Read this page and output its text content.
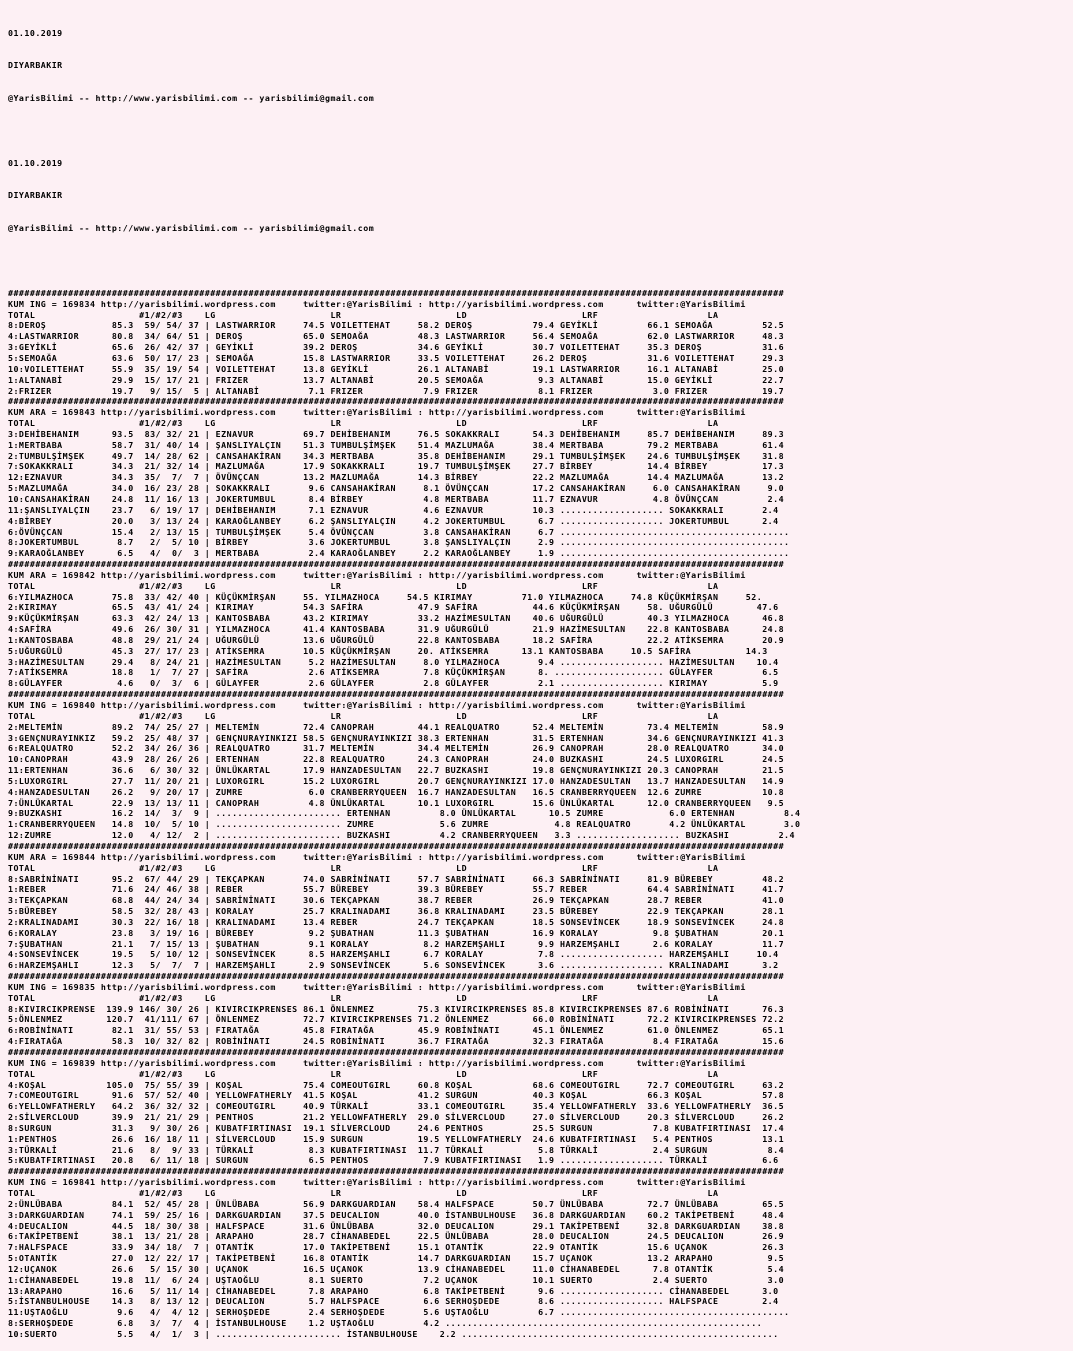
01.10.2019

DIYARBAKIR

@YarisBilimi -- http://www.yarisbilimi.com -- yarisbilimi@gmail.com

01.10.2019

DIYARBAKIR

@YarisBilimi -- http://www.yarisbilimi.com -- yarisbilimi@gmail.com

##############################################################################################################################################
KUM ING = 169834 http://yarisbilimi.wordpress.com     twitter:@YarisBilimi : http://yarisbilimi.wordpress.com      twitter:@YarisBilimi
TOTAL                   #1/#2/#3    LG                     LR                     LD                     LRF                    LA
8:DEROŞ            85.3  59/ 54/ 37 | LASTWARRIOR     74.5 VOILETTEHAT     58.2 DEROŞ           79.4 GEYİKLİ         66.1 SEMOAĞA         52.5
4:LASTWARRIOR      80.8  34/ 64/ 51 | DEROŞ           65.0 SEMOAĞA         48.3 LASTWARRIOR     56.4 SEMOAĞA         62.0 LASTWARRIOR     48.3
3:GEYİKLİ          65.6  26/ 42/ 37 | GEYİKLİ         39.2 DEROŞ           34.6 GEYİKLİ         30.7 VOILETTEHAT     35.3 DEROŞ           31.6
5:SEMOAĞA          63.6  50/ 17/ 23 | SEMOAĞA         15.8 LASTWARRIOR     33.5 VOILETTEHAT     26.2 DEROŞ           31.6 VOILETTEHAT     29.3
10:VOILETTEHAT     55.9  35/ 19/ 54 | VOILETTEHAT     13.8 GEYİKLİ         26.1 ALTANABİ        19.1 LASTWARRIOR     16.1 ALTANABİ        25.0
1:ALTANABİ         29.9  15/ 17/ 21 | FRIZER          13.7 ALTANABİ        20.5 SEMOAĞA          9.3 ALTANABİ        15.0 GEYİKLİ         22.7
2:FRIZER           19.7   9/ 15/  5 | ALTANABİ         7.1 FRIZER           7.9 FRIZER           8.1 FRIZER           3.0 FRIZER          19.7
##############################################################################################################################################
KUM ARA = 169843 http://yarisbilimi.wordpress.com     twitter:@YarisBilimi : http://yarisbilimi.wordpress.com      twitter:@YarisBilimi
TOTAL                   #1/#2/#3    LG                     LR                     LD                     LRF                    LA
3:DEHİBEHANIM      93.5  83/ 32/ 21 | EZNAVUR         69.7 DEHİBEHANIM     76.5 SOKAKKRALI      54.3 DEHİBEHANIM     85.7 DEHİBEHANIM     89.3
1:MERTBABA         58.7  31/ 40/ 14 | ŞANSLIYALÇIN    51.3 TUMBULŞİMŞEK    51.4 MAZLUMAĞA       38.4 MERTBABA        79.2 MERTBABA        61.4
2:TUMBULŞİMŞEK     49.7  14/ 28/ 62 | CANSAHAKİRAN    34.3 MERTBABA        35.8 DEHİBEHANIM     29.1 TUMBULŞİMŞEK    24.6 TUMBULŞİMŞEK    31.8
7:SOKAKKRALI       34.3  21/ 32/ 14 | MAZLUMAĞA       17.9 SOKAKKRALI      19.7 TUMBULŞİMŞEK    27.7 BİRBEY          14.4 BİRBEY          17.3
12:EZNAVUR         34.3  35/  7/  7 | ÖVÜNÇCAN        13.2 MAZLUMAĞA       14.3 BİRBEY          22.2 MAZLUMAĞA       14.4 MAZLUMAĞA       13.2
5:MAZLUMAĞA        34.0  16/ 23/ 28 | SOKAKKRALI       9.6 CANSAHAKİRAN     8.1 ÖVÜNÇCAN        17.2 CANSAHAKİRAN     6.0 CANSAHAKİRAN     9.0
10:CANSAHAKİRAN    24.8  11/ 16/ 13 | JOKERTUMBUL      8.4 BİRBEY           4.8 MERTBABA        11.7 EZNAVUR          4.8 ÖVÜNÇCAN         2.4
11:ŞANSLIYALÇIN    23.7   6/ 19/ 17 | DEHİBEHANIM      7.1 EZNAVUR          4.6 EZNAVUR         10.3 ................... SOKAKKRALI       2.4
4:BİRBEY           20.0   3/ 13/ 24 | KARAOĞLANBEY     6.2 ŞANSLIYALÇIN     4.2 JOKERTUMBUL      6.7 ................... JOKERTUMBUL      2.4
6:ÖVÜNÇCAN         15.4   2/ 13/ 15 | TUMBULŞİMŞEK     5.4 ÖVÜNÇCAN         3.8 CANSAHAKİRAN     6.7 ..........................................
8:JOKERTUMBUL       8.7   2/  5/ 10 | BİRBEY           3.6 JOKERTUMBUL      3.8 ŞANSLIYALÇIN     2.9 ..........................................
9:KARAOĞLANBEY      6.5   4/  0/  3 | MERTBABA         2.4 KARAOĞLANBEY     2.2 KARAOĞLANBEY     1.9 ..........................................
##############################################################################################################################################
KUM ARA = 169842 http://yarisbilimi.wordpress.com     twitter:@YarisBilimi : http://yarisbilimi.wordpress.com      twitter:@YarisBilimi
TOTAL                   #1/#2/#3    LG                     LR                     LD                     LRF                    LA
6:YILMAZHOCA       75.8  33/ 42/ 40 | KÜÇÜKMİRŞAN     55. YILMAZHOCA     54.5 KIRIMAY         71.0 YILMAZHOCA     74.8 KÜÇÜKMİRŞAN     52.
2:KIRIMAY          65.5  43/ 41/ 24 | KIRIMAY         54.3 SAFİRA          47.9 SAFİRA          44.6 KÜÇÜKMİRŞAN     58. UĞURGÜLÜ        47.6
9:KÜÇÜKMİRŞAN      63.3  42/ 24/ 13 | KANTOSBABA      43.2 KIRIMAY         33.2 HAZİMESULTAN    40.6 UĞURGÜLÜ        40.3 YILMAZHOCA      46.8
4:SAFİRA           49.6  26/ 30/ 31 | YILMAZHOCA      41.4 KANTOSBABA      31.9 UĞURGÜLÜ        21.9 HAZİMESULTAN    22.8 KANTOSBABA      24.8
1:KANTOSBABA       48.8  29/ 21/ 24 | UĞURGÜLÜ        13.6 UĞURGÜLÜ        22.8 KANTOSBABA      18.2 SAFİRA          22.2 ATİKSEMRA       20.9
5:UĞURGÜLÜ         45.3  27/ 17/ 23 | ATİKSEMRA       10.5 KÜÇÜKMİRŞAN     20. ATİKSEMRA      13.1 KANTOSBABA     10.5 SAFİRA          14.3
3:HAZİMESULTAN     29.4   8/ 24/ 21 | HAZİMESULTAN     5.2 HAZİMESULTAN     8.0 YILMAZHOCA       9.4 ................... HAZİMESULTAN    10.4
7:ATİKSEMRA        18.8   1/  7/ 27 | SAFİRA           2.6 ATİKSEMRA        7.8 KÜÇÜKMİRŞAN      8. .................... GÜLAYFER         6.5
8:GÜLAYFER          4.6   0/  3/  6 | GÜLAYFER         2.6 GÜLAYFER         2.8 GÜLAYFER         2.1 ................... KIRIMAY          5.9
##############################################################################################################################################
KUM ING = 169840 http://yarisbilimi.wordpress.com     twitter:@YarisBilimi : http://yarisbilimi.wordpress.com      twitter:@YarisBilimi
TOTAL                   #1/#2/#3    LG                     LR                     LD                     LRF                    LA
2:MELTEMİN         89.2  74/ 25/ 27 | MELTEMİN        72.4 CANOPRAH        44.1 REALQUATRO      52.4 MELTEMİN        73.4 MELTEMİN        58.9
3:GENÇNURAYINKIZ   59.2  25/ 48/ 37 | GENÇNURAYINKIZI 58.5 GENÇNURAYINKIZI 38.3 ERTENHAN        31.5 ERTENHAN        34.6 GENÇNURAYINKIZI 41.3
6:REALQUATRO       52.2  34/ 26/ 36 | REALQUATRO      31.7 MELTEMİN        34.4 MELTEMİN        26.9 CANOPRAH        28.0 REALQUATRO      34.0
10:CANOPRAH        43.9  28/ 26/ 26 | ERTENHAN        22.8 REALQUATRO      24.3 CANOPRAH        24.0 BUZKASHI        24.5 LUXORGIRL       24.5
11:ERTENHAN        36.6   6/ 30/ 32 | ÜNLÜKARTAL      17.9 HANZADESULTAN   22.7 BUZKASHI        19.8 GENÇNURAYINKIZI 20.3 CANOPRAH        21.5
5:LUXORGIRL        27.7  11/ 20/ 21 | LUXORGIRL       15.2 LUXORGIRL       20.7 GENÇNURAYINKIZI 17.0 HANZADESULTAN   13.7 HANZADESULTAN   14.9
4:HANZADESULTAN    26.2   9/ 20/ 17 | ZUMRE            6.0 CRANBERRYQUEEN  16.7 HANZADESULTAN   16.5 CRANBERRYQUEEN  12.6 ZUMRE           10.8
7:ÜNLÜKARTAL       22.9  13/ 13/ 11 | CANOPRAH         4.8 ÜNLÜKARTAL      10.1 LUXORGIRL       15.6 ÜNLÜKARTAL      12.0 CRANBERRYQUEEN   9.5
9:BUZKASHI         16.2  14/  3/  9 | ....................... ERTENHAN         8.0 ÜNLÜKARTAL      10.5 ZUMRE            6.0 ERTENHAN         8.4
1:CRANBERRYQUEEN   14.8  10/  5/ 10 | ....................... ZUMRE            5.6 ZUMRE            4.8 REALQUATRO       4.2 ÜNLÜKARTAL       3.0
12:ZUMRE           12.0   4/ 12/  2 | ....................... BUZKASHI         4.2 CRANBERRYQUEEN   3.3 ................... BUZKASHI         2.4
##############################################################################################################################################
KUM ARA = 169844 http://yarisbilimi.wordpress.com     twitter:@YarisBilimi : http://yarisbilimi.wordpress.com      twitter:@YarisBilimi
TOTAL                   #1/#2/#3    LG                     LR                     LD                     LRF                    LA
8:SABRİNİNATI      95.2  67/ 44/ 29 | TEKÇAPKAN       74.0 SABRİNİNATI     57.7 SABRİNİNATI     66.3 SABRİNİNATI     81.9 BÜREBEY         48.2
1:REBER            71.6  24/ 46/ 38 | REBER           55.7 BÜREBEY         39.3 BÜREBEY         55.7 REBER           64.4 SABRİNİNATI     41.7
3:TEKÇAPKAN        68.8  44/ 24/ 34 | SABRİNİNATI     30.6 TEKÇAPKAN       38.7 REBER           26.9 TEKÇAPKAN       28.7 REBER           41.0
5:BÜREBEY          58.5  32/ 28/ 43 | KORALAY         25.7 KRALINADAMI     36.8 KRALINADAMI     23.5 BÜREBEY         22.9 TEKÇAPKAN       28.1
2:KRALINADAMI      30.3  22/ 16/ 18 | KRALINADAMI     13.4 REBER           24.7 TEKÇAPKAN       18.5 SONSEVİNCEK     18.9 SONSEVİNCEK     24.8
6:KORALAY          23.8   3/ 19/ 16 | BÜREBEY          9.2 ŞUBATHAN        11.3 ŞUBATHAN        16.9 KORALAY          9.8 ŞUBATHAN        20.1
7:ŞUBATHAN         21.1   7/ 15/ 13 | ŞUBATHAN         9.1 KORALAY          8.2 HARZEMŞAHLI      9.9 HARZEMŞAHLI      2.6 KORALAY         11.7
4:SONSEVİNCEK      19.5   5/ 10/ 12 | SONSEVİNCEK      8.5 HARZEMŞAHLI      6.7 KORALAY          7.8 ................... HARZEMŞAHLI     10.4
6:HARZEMŞAHLI      12.3   5/  7/  7 | HARZEMŞAHLI      2.9 SONSEVİNCEK      5.6 SONSEVİNCEK      3.6 ................... KRALINADAMI      3.2
##############################################################################################################################################
KUM ING = 169835 http://yarisbilimi.wordpress.com     twitter:@YarisBilimi : http://yarisbilimi.wordpress.com      twitter:@YarisBilimi
TOTAL                   #1/#2/#3    LG                     LR                     LD                     LRF                    LA
8:KIVIRCIKPRENSE  139.9 146/ 30/ 26 | KIVIRCIKPRENSES 86.1 ÖNLENMEZ        75.3 KIVIRCIKPRENSES 85.8 KIVIRCIKPRENSES 87.6 ROBİNİNATI      76.3
5:ÖNLENMEZ        120.7  41/111/ 67 | ÖNLENMEZ        72.7 KIVIRCIKPRENSES 71.2 ÖNLENMEZ        66.0 ROBİNİNATI      72.2 KIVIRCIKPRENSES 72.2
6:ROBİNİNATI       82.1  31/ 55/ 53 | FIRATAĞA        45.8 FIRATAĞA        45.9 ROBİNİNATI      45.1 ÖNLENMEZ        61.0 ÖNLENMEZ        65.1
4:FIRATAĞA         58.3  10/ 32/ 82 | ROBİNİNATI      24.5 ROBİNİNATI      36.7 FIRATAĞA        32.3 FIRATAĞA         8.4 FIRATAĞA        15.6
##############################################################################################################################################
KUM ING = 169839 http://yarisbilimi.wordpress.com     twitter:@YarisBilimi : http://yarisbilimi.wordpress.com      twitter:@YarisBilimi
TOTAL                   #1/#2/#3    LG                     LR                     LD                     LRF                    LA
4:KOŞAL           105.0  75/ 55/ 39 | KOŞAL           75.4 COMEOUTGIRL     60.8 KOŞAL           68.6 COMEOUTGIRL     72.7 COMEOUTGIRL     63.2
7:COMEOUTGIRL      91.6  57/ 52/ 40 | YELLOWFATHERLY  41.5 KOŞAL           41.2 SURGUN          40.3 KOŞAL           66.3 KOŞAL           57.8
6:YELLOWFATHERLY   64.2  36/ 32/ 32 | COMEOUTGIRL     40.9 TÜRKALİ         33.1 COMEOUTGIRL     35.4 YELLOWFATHERLY  33.6 YELLOWFATHERLY  36.5
2:SİLVERCLOUD      39.9  21/ 21/ 29 | PENTHOS         21.2 YELLOWFATHERLY  29.0 SİLVERCLOUD     27.0 SİLVERCLOUD     20.3 SİLVERCLOUD     26.2
8:SURGUN           31.3   9/ 30/ 26 | KUBATFIRTINASI  19.1 SİLVERCLOUD     24.6 PENTHOS         25.5 SURGUN           7.8 KUBATFIRTINASI  17.4
1:PENTHOS          26.6  16/ 18/ 11 | SİLVERCLOUD     15.9 SURGUN          19.5 YELLOWFATHERLY  24.6 KUBATFIRTINASI   5.4 PENTHOS         13.1
3:TÜRKALİ          21.6   8/  9/ 33 | TÜRKALİ          8.3 KUBATFIRTINASI  11.7 TÜRKALİ          5.8 TÜRKALİ          2.4 SURGUN           8.4
5:KUBATFIRTINASI   20.8   6/ 11/ 18 | SURGUN           6.5 PENTHOS          7.9 KUBATFIRTINASI   1.9 ................... TÜRKALİ          6.6
##############################################################################################################################################
KUM ING = 169841 http://yarisbilimi.wordpress.com     twitter:@YarisBilimi : http://yarisbilimi.wordpress.com      twitter:@YarisBilimi
TOTAL                   #1/#2/#3    LG                     LR                     LD                     LRF                    LA
2:ÜNLÜBABA         84.1  52/ 45/ 28 | ÜNLÜBABA        56.9 DARKGUARDIAN    58.4 HALFSPACE       50.7 ÜNLÜBABA        72.7 ÜNLÜBABA        65.5
3:DARKGUARDIAN     74.1  59/ 25/ 16 | DARKGUARDIAN    37.5 DEUCALION       40.0 İSTANBULHOUSE   36.8 DARKGUARDIAN    60.2 TAKİPETBENİ     48.4
4:DEUCALION        44.5  18/ 30/ 38 | HALFSPACE       31.6 ÜNLÜBABA        32.0 DEUCALION       29.1 TAKİPETBENİ     32.8 DARKGUARDIAN    38.8
6:TAKİPETBENİ      38.1  13/ 21/ 28 | ARAPAHO         28.7 CİHANABEDEL     22.5 ÜNLÜBABA        28.0 DEUCALION       24.5 DEUCALION       26.9
7:HALFSPACE        33.9  34/ 18/  7 | OTANTİK         17.0 TAKİPETBENİ     15.1 OTANTİK         22.9 OTANTİK         15.6 UÇANOK          26.3
5:OTANTİK          27.0  12/ 22/ 17 | TAKİPETBENİ     16.8 OTANTİK         14.7 DARKGUARDIAN    15.7 UÇANOK          13.2 ARAPAHO          9.5
12:UÇANOK          26.6   5/ 15/ 30 | UÇANOK          16.5 UÇANOK          13.9 CİHANABEDEL     11.0 CİHANABEDEL      7.8 OTANTİK          5.4
1:CİHANABEDEL      19.8  11/  6/ 24 | UŞTAOĞLU         8.1 SUERTO           7.2 UÇANOK          10.1 SUERTO           2.4 SUERTO           3.0
13:ARAPAHO         16.6   5/ 11/ 14 | CİHANABEDEL      7.8 ARAPAHO          6.8 TAKİPETBENİ      9.6 ................... CİHANABEDEL      3.0
5:İSTANBULHOUSE    14.3   8/ 13/ 12 | DEUCALION        5.7 HALFSPACE        6.6 SERHOŞDEDE       8.6 ................... HALFSPACE        2.4
11:UŞTAOĞLU         9.6   4/  4/ 12 | SERHOŞDEDE       2.4 SERHOŞDEDE       5.6 UŞTAOĞLU         6.7 ..........................................
8:SERHOŞDEDE        6.8   3/  7/  4 | İSTANBULHOUSE    1.2 UŞTAOĞLU         4.2 ..........................................................
10:SUERTO           5.5   4/  1/  3 | ....................... İSTANBULHOUSE    2.2 ..........................................................
